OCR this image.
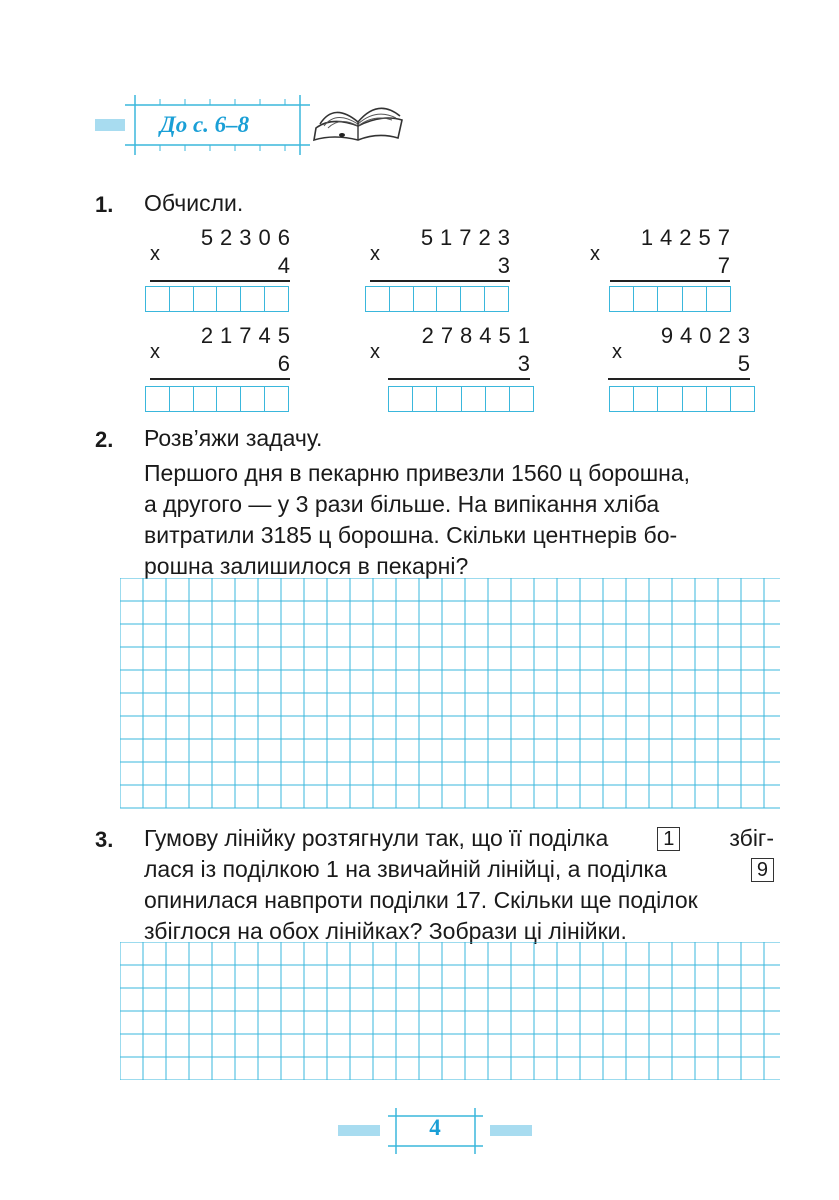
До с. 6–8
1. Обчисли.
x
52306
4	x
51723
3	x
14257
7
x
21745
6	x
278451
3	x
94023
5
2. Розв’яжи задачу.
Першого дня в пекарню привезли 1560 ц борошна,
а другого — у 3 рази більше. На випікання хліба
витратили 3185 ц борошна. Скільки центнерів бо-
рошна залишилося в пекарні?
3. Гумову лінійку розтягнули так, що її поділка	1 збіг-
лася із поділкою 1 на звичайній лінійці, а поділка	9
опинилася навпроти поділки 17. Скільки ще поділок
збіглося на обох лінійках? Зобрази ці лінійки.
4
